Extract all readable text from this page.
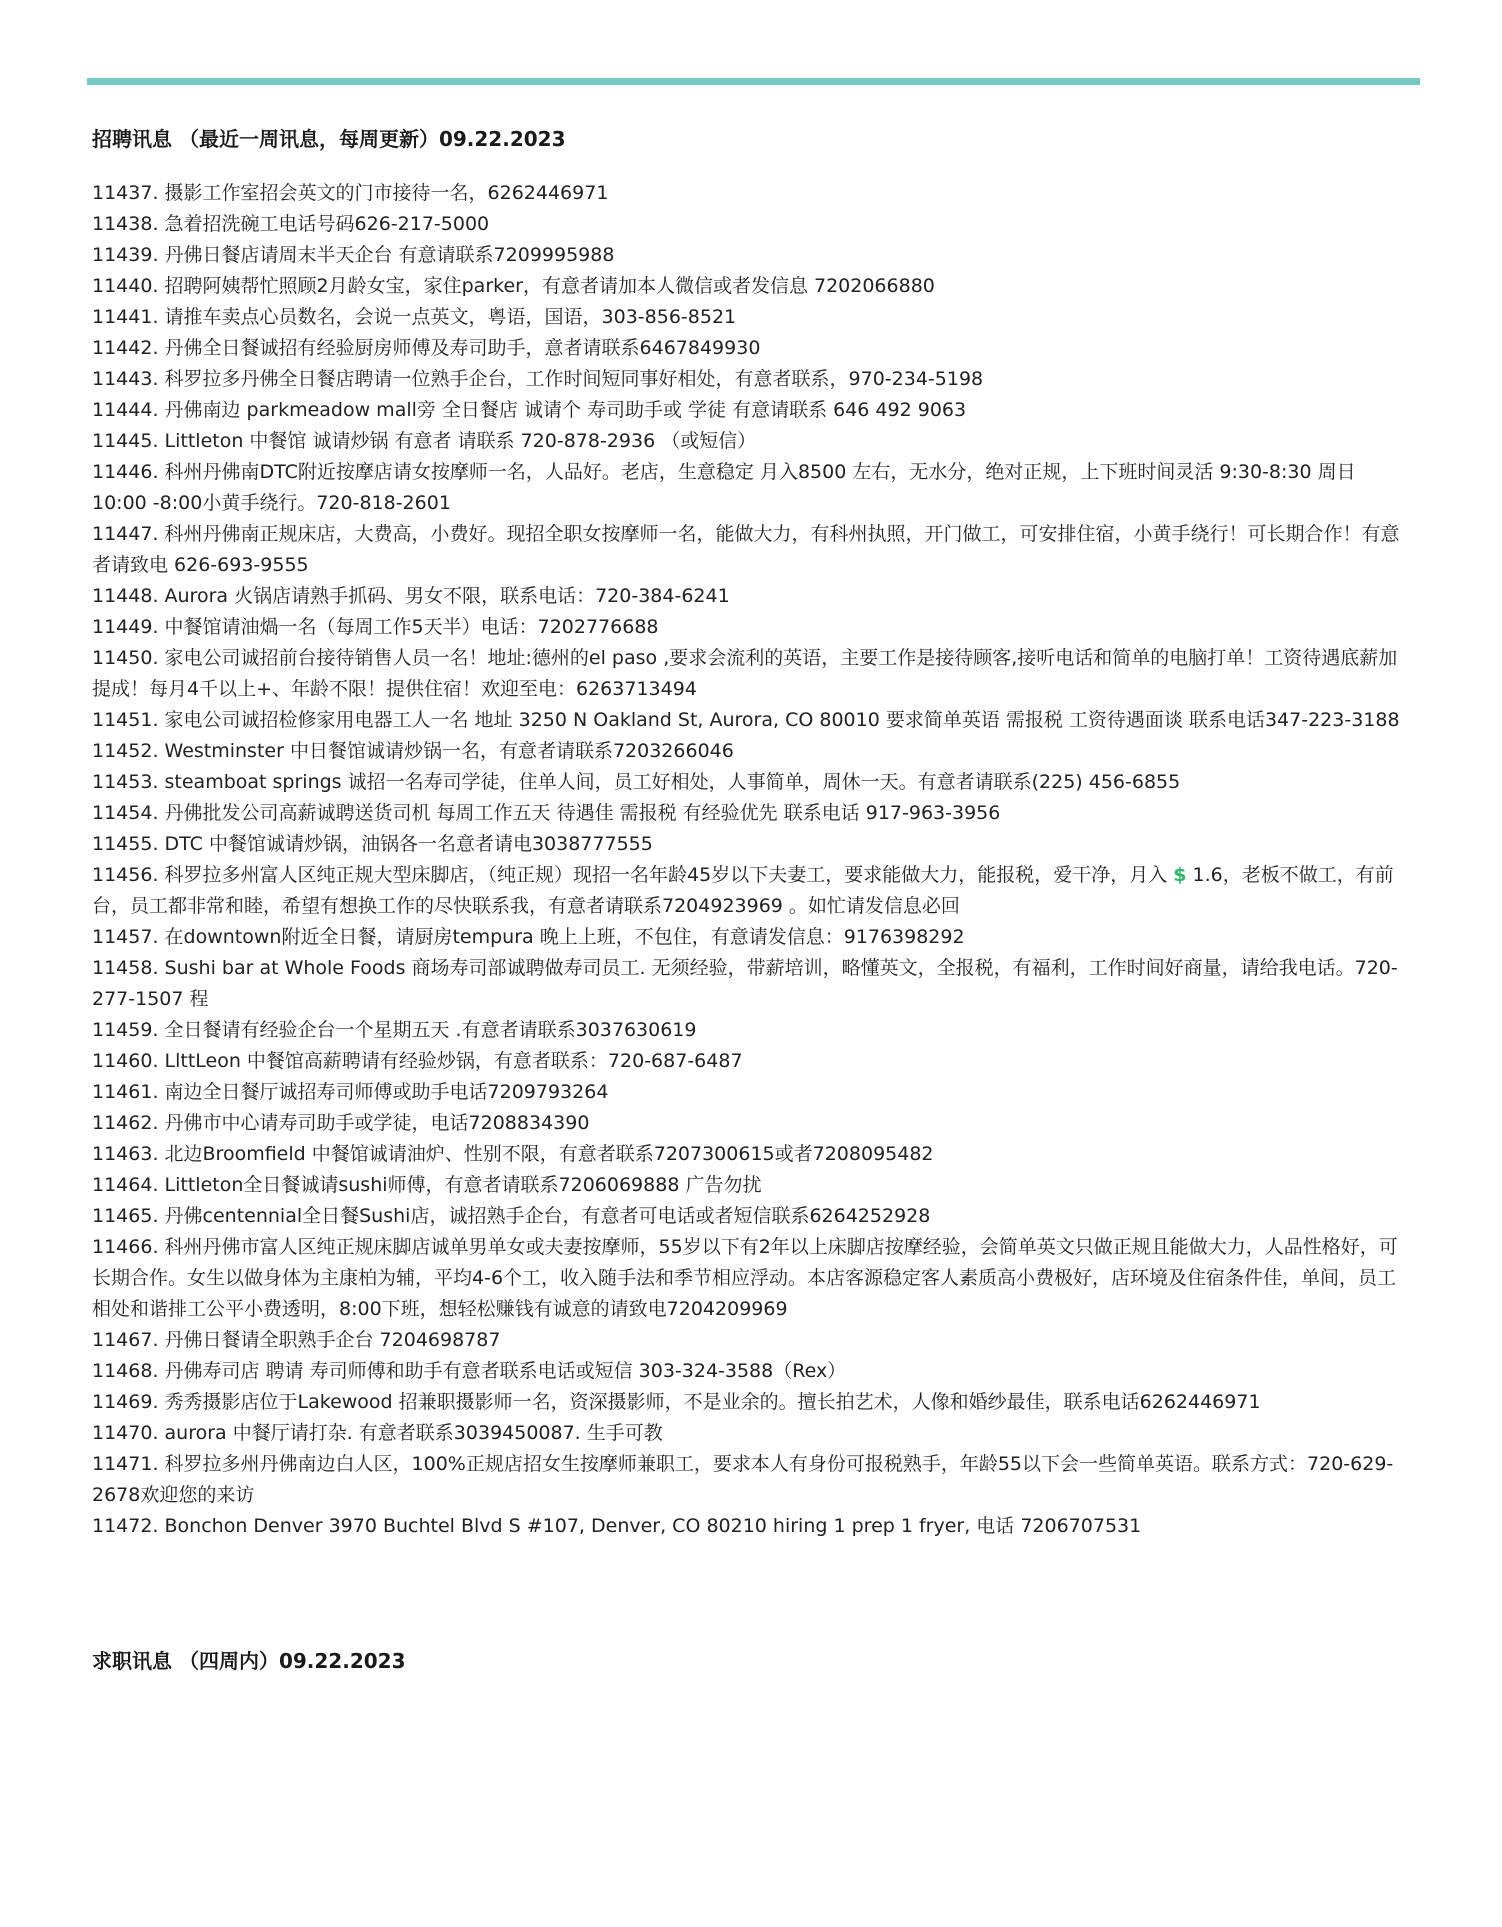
招聘讯息 （最近一周讯息，每周更新）09.22.2023
11437. 摄影工作室招会英文的门市接待一名，6262446971
11438. 急着招洗碗工电话号码626-217-5000
11439. 丹佛日餐店请周末半天企台 有意请联系7209995988
11440. 招聘阿姨帮忙照顾2月龄女宝，家住parker，有意者请加本人微信或者发信息 7202066880
11441. 请推车卖点心员数名，会说一点英文，粤语，国语，303-856-8521
11442. 丹佛全日餐诚招有经验厨房师傅及寿司助手，意者请联系6467849930
11443. 科罗拉多丹佛全日餐店聘请一位熟手企台，工作时间短同事好相处，有意者联系，970-234-5198
11444. 丹佛南边 parkmeadow mall旁 全日餐店 诚请个 寿司助手或 学徒 有意请联系 646 492 9063
11445. Littleton 中餐馆 诚请炒锅 有意者 请联系 720-878-2936 （或短信）
11446. 科州丹佛南DTC附近按摩店请女按摩师一名，人品好。老店，生意稳定 月入8500 左右，无水分，绝对正规，上下班时间灵活 9:30-8:30 周日10:00 -8:00小黄手绕行。720-818-2601
11447. 科州丹佛南正规床店，大费高，小费好。现招全职女按摩师一名，能做大力，有科州执照，开门做工，可安排住宿，小黄手绕行！可长期合作！有意者请致电 626-693-9555
11448. Aurora 火锅店请熟手抓码、男女不限，联系电话：720-384-6241
11449. 中餐馆请油煱一名（每周工作5天半）电话：7202776688
11450. 家电公司诚招前台接待销售人员一名！地址:德州的el paso ,要求会流利的英语，主要工作是接待顾客,接听电话和简单的电脑打单！工资待遇底薪加提成！每月4千以上+、年龄不限！提供住宿！欢迎至电：6263713494
11451. 家电公司诚招检修家用电器工人一名 地址 3250 N Oakland St, Aurora, CO 80010 要求简单英语 需报税 工资待遇面谈 联系电话347-223-3188
11452. Westminster 中日餐馆诚请炒锅一名，有意者请联系7203266046
11453. steamboat springs 诚招一名寿司学徒，住单人间，员工好相处，人事简单，周休一天。有意者请联系(225) 456-6855
11454. 丹佛批发公司高薪诚聘送货司机 每周工作五天 待遇佳 需报税 有经验优先 联系电话 917-963-3956
11455. DTC 中餐馆诚请炒锅，油锅各一名意者请电3038777555
11456. 科罗拉多州富人区纯正规大型床脚店，（纯正规）现招一名年龄45岁以下夫妻工，要求能做大力，能报税，爱干净，月入 $ 1.6，老板不做工，有前台，员工都非常和睦，希望有想换工作的尽快联系我，有意者请联系7204923969 。如忙请发信息必回
11457. 在downtown附近全日餐，请厨房tempura 晚上上班，不包住，有意请发信息：9176398292
11458. Sushi bar at Whole Foods 商场寿司部诚聘做寿司员工. 无须经验，带薪培训，略懂英文，全报税，有福利，工作时间好商量，请给我电话。720-277-1507 程
11459. 全日餐请有经验企台一个星期五天 .有意者请联系3037630619
11460. LlttLeon 中餐馆高薪聘请有经验炒锅，有意者联系：720-687-6487
11461. 南边全日餐厅诚招寿司师傅或助手电话7209793264
11462. 丹佛市中心请寿司助手或学徒，电话7208834390
11463. 北边Broomfield 中餐馆诚请油炉、性别不限，有意者联系7207300615或者7208095482
11464. Littleton全日餐诚请sushi师傅，有意者请联系7206069888 广告勿扰
11465. 丹佛centennial全日餐Sushi店，诚招熟手企台，有意者可电话或者短信联系6264252928
11466. 科州丹佛市富人区纯正规床脚店诚单男单女或夫妻按摩师，55岁以下有2年以上床脚店按摩经验，会简单英文只做正规且能做大力，人品性格好，可长期合作。女生以做身体为主康柏为辅，平均4-6个工，收入随手法和季节相应浮动。本店客源稳定客人素质高小费极好，店环境及住宿条件佳，单间，员工相处和谐排工公平小费透明，8:00下班，想轻松赚钱有诚意的请致电7204209969
11467. 丹佛日餐请全职熟手企台 7204698787
11468. 丹佛寿司店 聘请 寿司师傅和助手有意者联系电话或短信 303-324-3588（Rex）
11469. 秀秀摄影店位于Lakewood 招兼职摄影师一名，资深摄影师，不是业余的。擅长拍艺术，人像和婚纱最佳，联系电话6262446971
11470. aurora 中餐厅请打杂. 有意者联系3039450087. 生手可教
11471. 科罗拉多州丹佛南边白人区，100%正规店招女生按摩师兼职工，要求本人有身份可报税熟手，年龄55以下会一些简单英语。联系方式：720-629-2678欢迎您的来访
11472. Bonchon Denver 3970 Buchtel Blvd S #107, Denver, CO 80210 hiring 1 prep 1 fryer, 电话 7206707531
求职讯息 （四周内）09.22.2023
